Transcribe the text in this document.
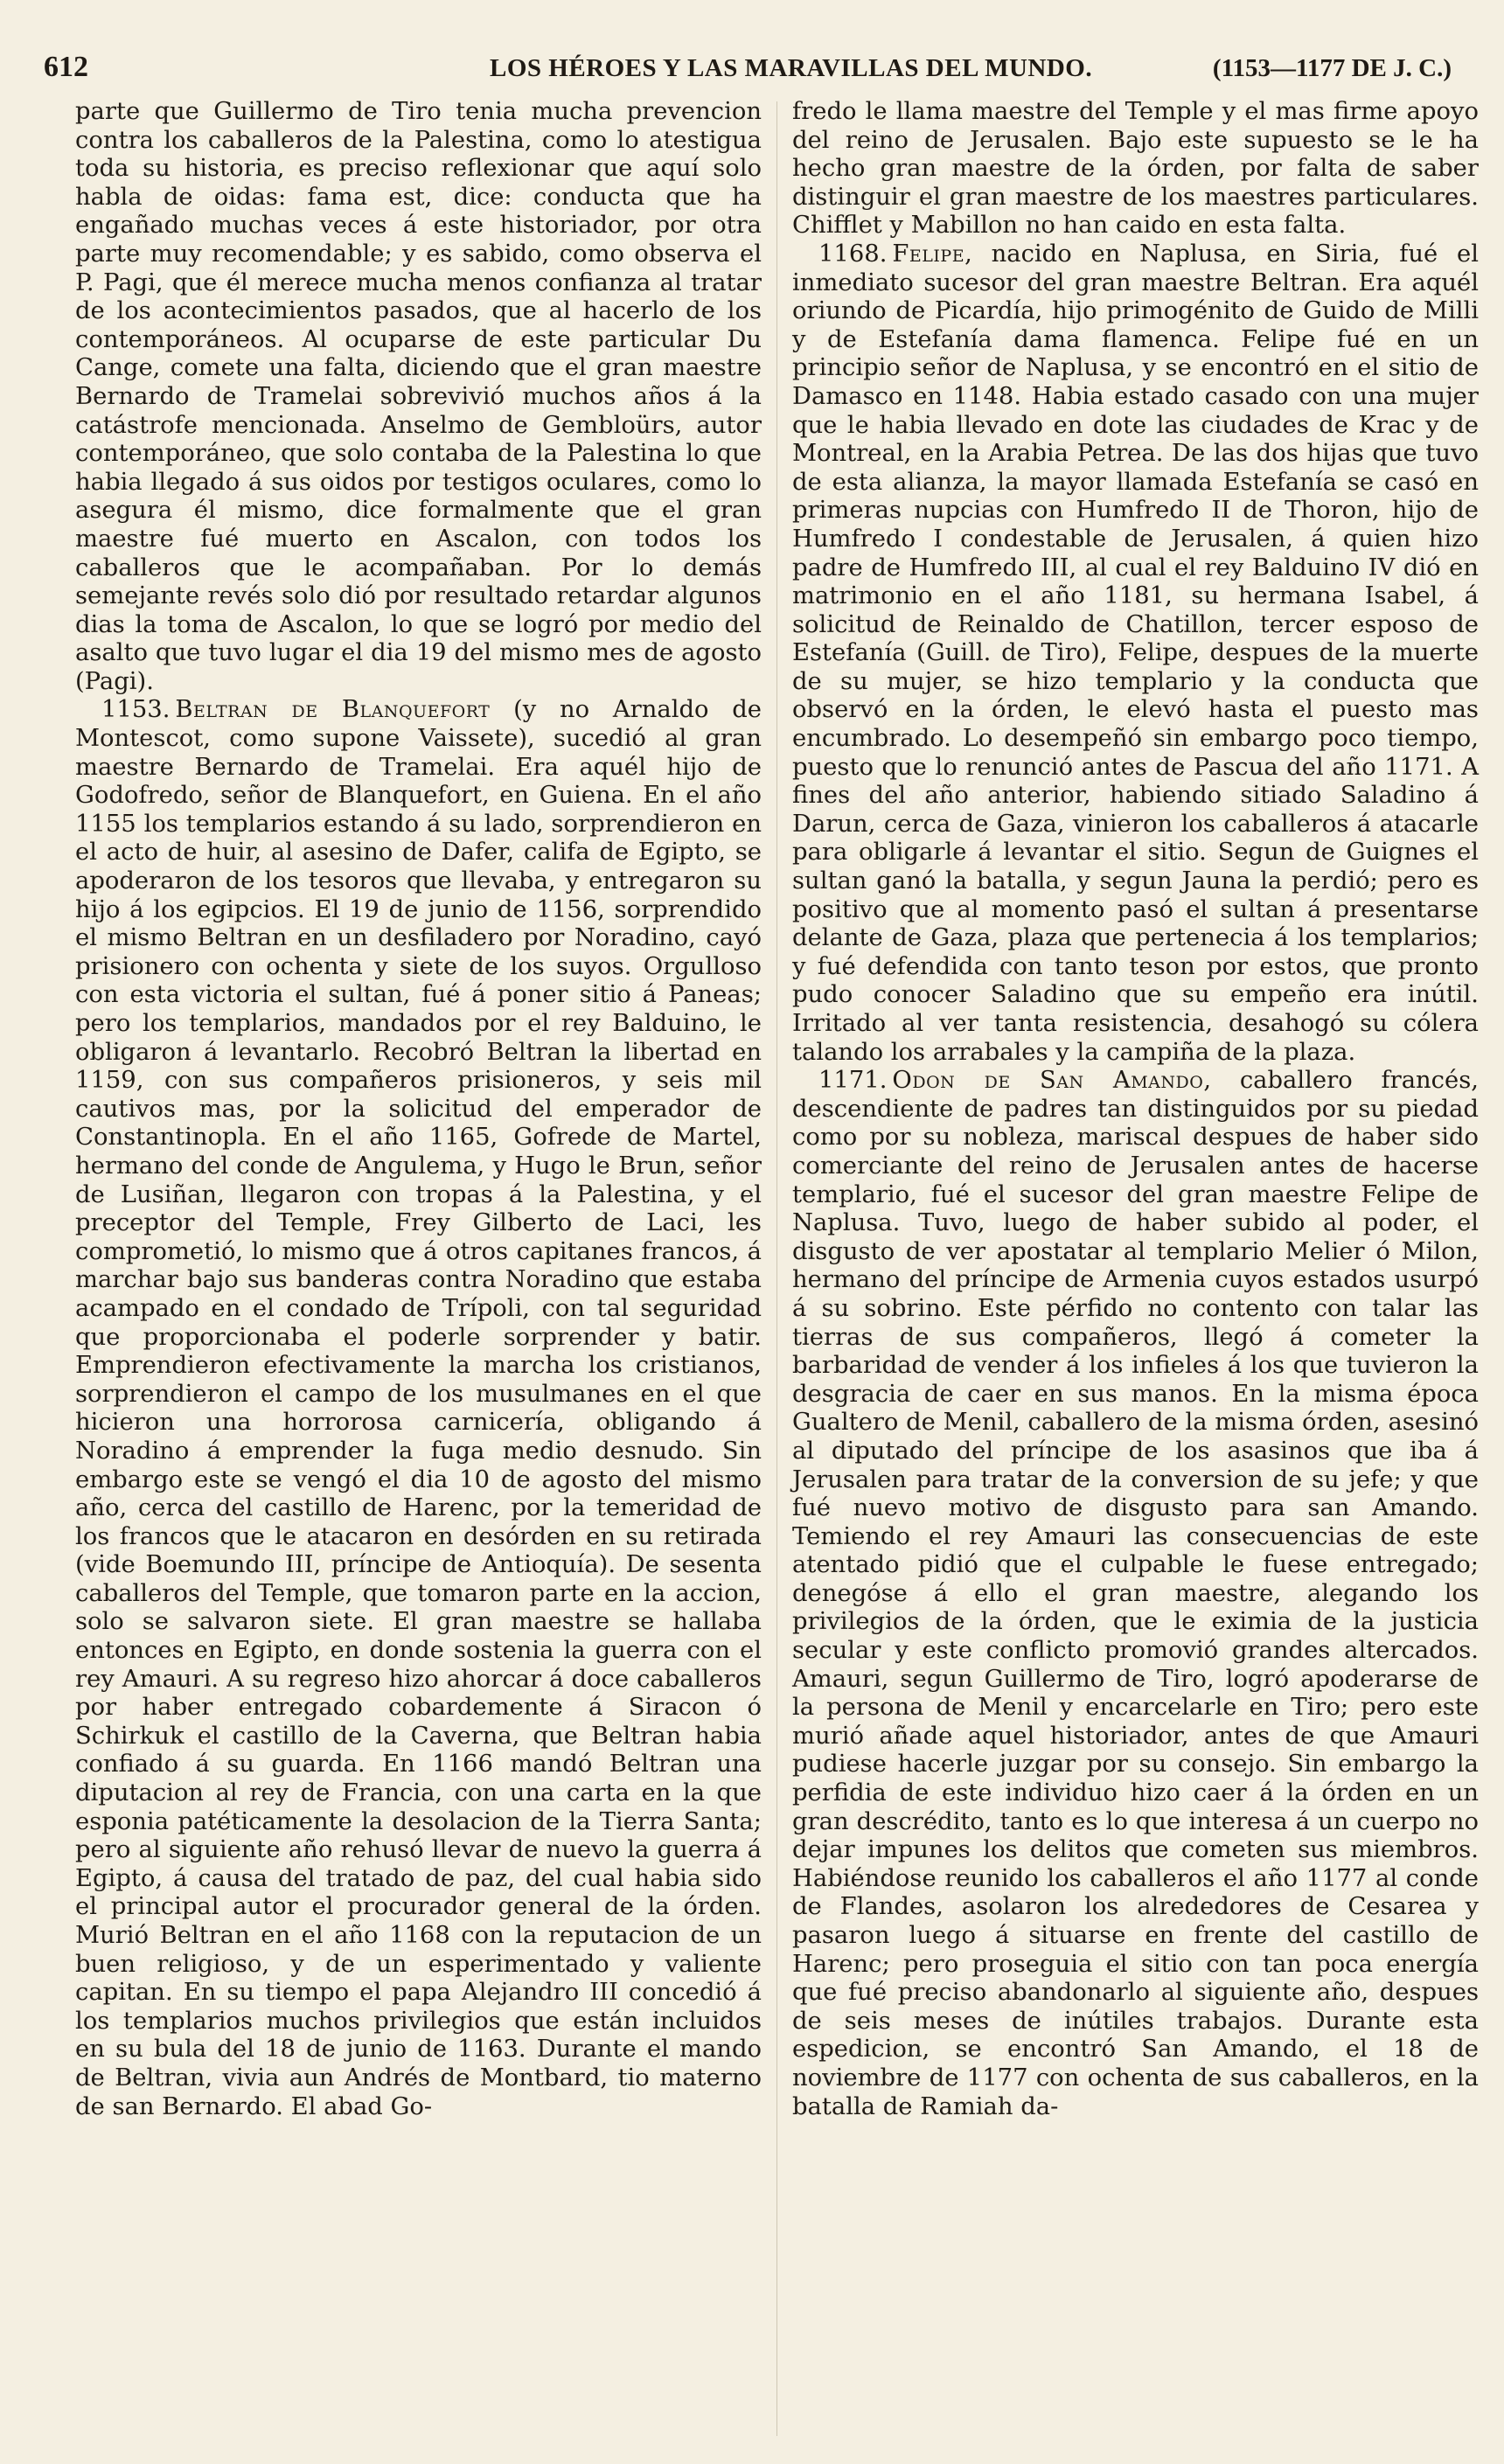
612	LOS HÉROES Y LAS MARAVILLAS DEL MUNDO.	(1153—1177 DE J. C.)

parte que Guillermo de Tiro tenia mucha prevencion contra los caballeros de la Palestina, como lo atestigua toda su historia, es preciso reflexionar que aquí solo habla de oidas: fama est, dice: conducta que ha engañado muchas veces á este historiador, por otra parte muy recomendable; y es sabido, como observa el P. Pagi, que él merece mucha menos confianza al tratar de los acontecimientos pasados, que al hacerlo de los contemporáneos. Al ocuparse de este particular Du Cange, comete una falta, diciendo que el gran maestre Bernardo de Tramelai sobrevivió muchos años á la catástrofe mencionada. Anselmo de Gembloürs, autor contemporáneo, que solo contaba de la Palestina lo que habia llegado á sus oidos por testigos oculares, como lo asegura él mismo, dice formalmente que el gran maestre fué muerto en Ascalon, con todos los caballeros que le acompañaban. Por lo demás semejante revés solo dió por resultado retardar algunos dias la toma de Ascalon, lo que se logró por medio del asalto que tuvo lugar el dia 19 del mismo mes de agosto (Pagi).

1153. Beltran de Blanquefort (y no Arnaldo de Montescot, como supone Vaissete), sucedió al gran maestre Bernardo de Tramelai. Era aquél hijo de Godofredo, señor de Blanquefort, en Guiena. En el año 1155 los templarios estando á su lado, sorprendieron en el acto de huir, al asesino de Dafer, califa de Egipto, se apoderaron de los tesoros que llevaba, y entregaron su hijo á los egipcios. El 19 de junio de 1156, sorprendido el mismo Beltran en un desfiladero por Noradino, cayó prisionero con ochenta y siete de los suyos. Orgulloso con esta victoria el sultan, fué á poner sitio á Paneas; pero los templarios, mandados por el rey Balduino, le obligaron á levantarlo. Recobró Beltran la libertad en 1159, con sus compañeros prisioneros, y seis mil cautivos mas, por la solicitud del emperador de Constantinopla. En el año 1165, Gofrede de Martel, hermano del conde de Angulema, y Hugo le Brun, señor de Lusiñan, llegaron con tropas á la Palestina, y el preceptor del Temple, Frey Gilberto de Laci, les comprometió, lo mismo que á otros capitanes francos, á marchar bajo sus banderas contra Noradino que estaba acampado en el condado de Trípoli, con tal seguridad que proporcionaba el poderle sorprender y batir. Emprendieron efectivamente la marcha los cristianos, sorprendieron el campo de los musulmanes en el que hicieron una horrorosa carnicería, obligando á Noradino á emprender la fuga medio desnudo. Sin embargo este se vengó el dia 10 de agosto del mismo año, cerca del castillo de Harenc, por la temeridad de los francos que le atacaron en desórden en su retirada (vide Boemundo III, príncipe de Antioquía). De sesenta caballeros del Temple, que tomaron parte en la accion, solo se salvaron siete. El gran maestre se hallaba entonces en Egipto, en donde sostenia la guerra con el rey Amauri. A su regreso hizo ahorcar á doce caballeros por haber entregado cobardemente á Siracon ó Schirkuk el castillo de la Caverna, que Beltran habia confiado á su guarda. En 1166 mandó Beltran una diputacion al rey de Francia, con una carta en la que esponia patéticamente la desolacion de la Tierra Santa; pero al siguiente año rehusó llevar de nuevo la guerra á Egipto, á causa del tratado de paz, del cual habia sido el principal autor el procurador general de la órden. Murió Beltran en el año 1168 con la reputacion de un buen religioso, y de un esperimentado y valiente capitan. En su tiempo el papa Alejandro III concedió á los templarios muchos privilegios que están incluidos en su bula del 18 de junio de 1163. Durante el mando de Beltran, vivia aun Andrés de Montbard, tio materno de san Bernardo. El abad Go-

fredo le llama maestre del Temple y el mas firme apoyo del reino de Jerusalen. Bajo este supuesto se le ha hecho gran maestre de la órden, por falta de saber distinguir el gran maestre de los maestres particulares. Chifflet y Mabillon no han caido en esta falta.

1168. Felipe, nacido en Naplusa, en Siria, fué el inmediato sucesor del gran maestre Beltran. Era aquél oriundo de Picardía, hijo primogénito de Guido de Milli y de Estefanía dama flamenca. Felipe fué en un principio señor de Naplusa, y se encontró en el sitio de Damasco en 1148. Habia estado casado con una mujer que le habia llevado en dote las ciudades de Krac y de Montreal, en la Arabia Petrea. De las dos hijas que tuvo de esta alianza, la mayor llamada Estefanía se casó en primeras nupcias con Humfredo II de Thoron, hijo de Humfredo I condestable de Jerusalen, á quien hizo padre de Humfredo III, al cual el rey Balduino IV dió en matrimonio en el año 1181, su hermana Isabel, á solicitud de Reinaldo de Chatillon, tercer esposo de Estefanía (Guill. de Tiro), Felipe, despues de la muerte de su mujer, se hizo templario y la conducta que observó en la órden, le elevó hasta el puesto mas encumbrado. Lo desempeñó sin embargo poco tiempo, puesto que lo renunció antes de Pascua del año 1171. A fines del año anterior, habiendo sitiado Saladino á Darun, cerca de Gaza, vinieron los caballeros á atacarle para obligarle á levantar el sitio. Segun de Guignes el sultan ganó la batalla, y segun Jauna la perdió; pero es positivo que al momento pasó el sultan á presentarse delante de Gaza, plaza que pertenecia á los templarios; y fué defendida con tanto teson por estos, que pronto pudo conocer Saladino que su empeño era inútil. Irritado al ver tanta resistencia, desahogó su cólera talando los arrabales y la campiña de la plaza.

1171. Odon de San Amando, caballero francés, descendiente de padres tan distinguidos por su piedad como por su nobleza, mariscal despues de haber sido comerciante del reino de Jerusalen antes de hacerse templario, fué el sucesor del gran maestre Felipe de Naplusa. Tuvo, luego de haber subido al poder, el disgusto de ver apostatar al templario Melier ó Milon, hermano del príncipe de Armenia cuyos estados usurpó á su sobrino. Este pérfido no contento con talar las tierras de sus compañeros, llegó á cometer la barbaridad de vender á los infieles á los que tuvieron la desgracia de caer en sus manos. En la misma época Gualtero de Menil, caballero de la misma órden, asesinó al diputado del príncipe de los asasinos que iba á Jerusalen para tratar de la conversion de su jefe; y que fué nuevo motivo de disgusto para san Amando. Temiendo el rey Amauri las consecuencias de este atentado pidió que el culpable le fuese entregado; denegóse á ello el gran maestre, alegando los privilegios de la órden, que le eximia de la justicia secular y este conflicto promovió grandes altercados. Amauri, segun Guillermo de Tiro, logró apoderarse de la persona de Menil y encarcelarle en Tiro; pero este murió añade aquel historiador, antes de que Amauri pudiese hacerle juzgar por su consejo. Sin embargo la perfidia de este individuo hizo caer á la órden en un gran descrédito, tanto es lo que interesa á un cuerpo no dejar impunes los delitos que cometen sus miembros. Habiéndose reunido los caballeros el año 1177 al conde de Flandes, asolaron los alrededores de Cesarea y pasaron luego á situarse en frente del castillo de Harenc; pero proseguia el sitio con tan poca energía que fué preciso abandonarlo al siguiente año, despues de seis meses de inútiles trabajos. Durante esta espedicion, se encontró San Amando, el 18 de noviembre de 1177 con ochenta de sus caballeros, en la batalla de Ramiah da-
